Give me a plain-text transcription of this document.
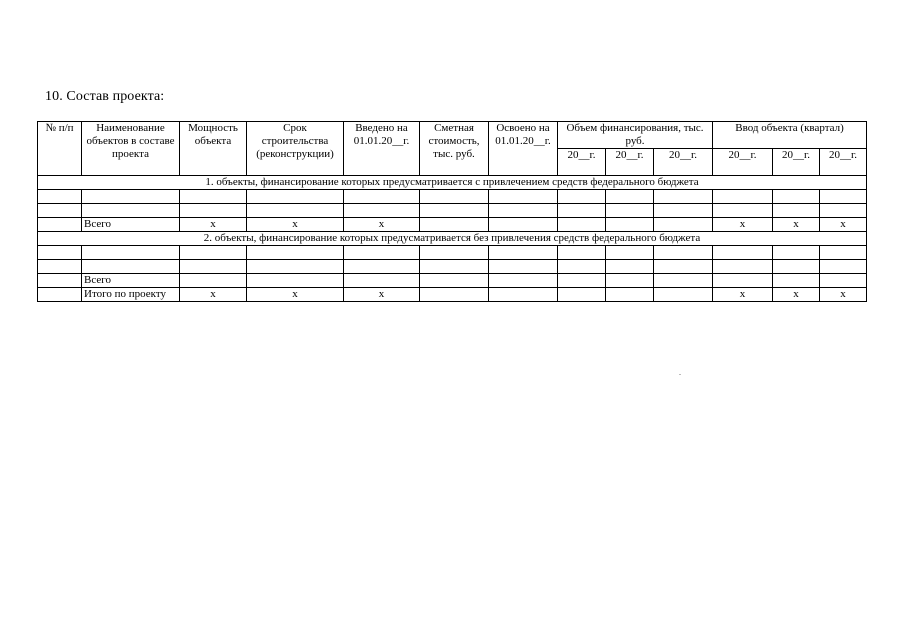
10. Состав проекта:
№ п/п	Наименование объектов в составе проекта	Мощность объекта	Срок строительства (реконструкции)	Введено на 01.01.20__г.	Сметная стоимость, тыс. руб.	Освоено на 01.01.20__г.	Объем финансирования, тыс. руб.			Ввод объекта (квартал)		
							20__г.	20__г.	20__г.	20__г.	20__г.	20__г.
1. объекты, финансирование которых предусматривается с привлечением средств федерального бюджета												

	Всего	х	х	х						х	х	х
2. объекты, финансирование которых предусматривается без привлечения средств федерального бюджета												

	Всего											
	Итого по проекту	х	х	х						х	х	х
